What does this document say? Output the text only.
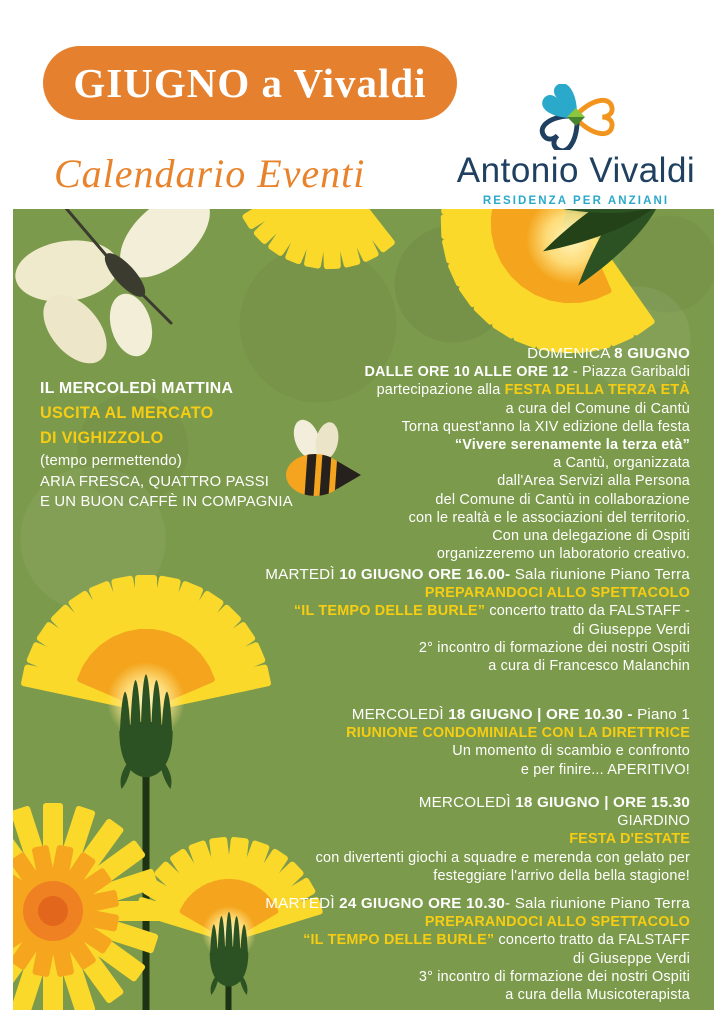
GIUGNO a Vivaldi
Calendario Eventi	Antonio Vivaldi
RESIDENZA PER ANZIANI
IL MERCOLEDÌ MATTINA
USCITA AL MERCATO
DI VIGHIZZOLO
(tempo permettendo)
ARIA FRESCA, QUATTRO PASSI
E UN BUON CAFFÈ IN COMPAGNIA
DOMENICA 8 GIUGNO
DALLE ORE 10 ALLE ORE 12 - Piazza Garibaldi
partecipazione alla FESTA DELLA TERZA ETÀ
a cura del Comune di Cantù
Torna quest'anno la XIV edizione della festa
“Vivere serenamente la terza età”
a Cantù, organizzata
dall'Area Servizi alla Persona
del Comune di Cantù in collaborazione
con le realtà e le associazioni del territorio.
Con una delegazione di Ospiti
organizzeremo un laboratorio creativo.
MARTEDÌ 10 GIUGNO ORE 16.00- Sala riunione Piano Terra
PREPARANDOCI ALLO SPETTACOLO
“IL TEMPO DELLE BURLE” concerto tratto da FALSTAFF -
di Giuseppe Verdi
2° incontro di formazione dei nostri Ospiti
a cura di Francesco Malanchin
MERCOLEDÌ 18 GIUGNO | ORE 10.30 - Piano 1
RIUNIONE CONDOMINIALE CON LA DIRETTRICE
Un momento di scambio e confronto
e per finire... APERITIVO!
MERCOLEDÌ 18 GIUGNO | ORE 15.30
GIARDINO
FESTA D'ESTATE
con divertenti giochi a squadre e merenda con gelato per
festeggiare l'arrivo della bella stagione!
MARTEDÌ 24 GIUGNO ORE 10.30- Sala riunione Piano Terra
PREPARANDOCI ALLO SPETTACOLO
“IL TEMPO DELLE BURLE” concerto tratto da FALSTAFF
di Giuseppe Verdi
3° incontro di formazione dei nostri Ospiti
a cura della Musicoterapista
